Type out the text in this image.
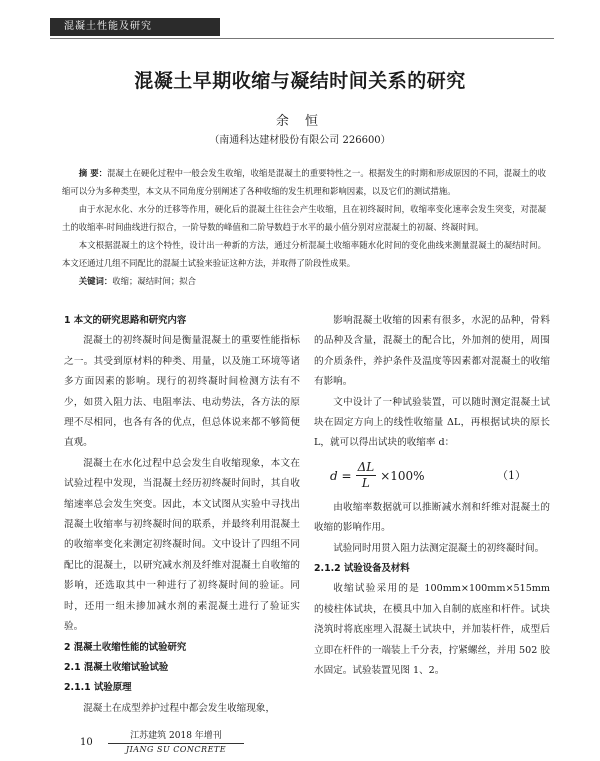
混凝土性能及研究
混凝土早期收缩与凝结时间关系的研究
余 恒
（南通科达建材股份有限公司 226600）

摘 要：混凝土在硬化过程中一般会发生收缩，收缩是混凝土的重要特性之一。根据发生的时期和形成原因的不同，混凝土的收缩可以分为多种类型，本文从不同角度分别阐述了各种收缩的发生机理和影响因素，以及它们的测试措施。

由于水泥水化、水分的迁移等作用，硬化后的混凝土往往会产生收缩，且在初终凝时间，收缩率变化速率会发生突变，对混凝土的收缩率-时间曲线进行拟合，一阶导数的峰值和二阶导数趋于水平的最小值分别对应混凝土的初凝、终凝时间。

本文根据混凝土的这个特性，设计出一种新的方法，通过分析混凝土收缩率随水化时间的变化曲线来测量混凝土的凝结时间。本文还通过几组不同配比的混凝土试验来验证这种方法，并取得了阶段性成果。

关键词：收缩；凝结时间；拟合

1 本文的研究思路和研究内容

混凝土的初终凝时间是衡量混凝土的重要性能指标之一。其受到原材料的种类、用量，以及施工环境等诸多方面因素的影响。现行的初终凝时间检测方法有不少，如贯入阻力法、电阻率法、电动势法，各方法的原理不尽相同，也各有各的优点，但总体说来都不够简便直观。

混凝土在水化过程中总会发生自收缩现象，本文在试验过程中发现，当混凝土经历初终凝时间时，其自收缩速率总会发生突变。因此，本文试图从实验中寻找出混凝土收缩率与初终凝时间的联系，并最终利用混凝土的收缩率变化来测定初终凝时间。文中设计了四组不同配比的混凝土，以研究减水剂及纤维对混凝土自收缩的影响，还选取其中一种进行了初终凝时间的验证。同时，还用一组未掺加减水剂的素混凝土进行了验证实验。

2 混凝土收缩性能的试验研究

2.1 混凝土收缩试验试验

2.1.1 试验原理

混凝土在成型养护过程中都会发生收缩现象，

影响混凝土收缩的因素有很多，水泥的品种，骨料的品种及含量，混凝土的配合比，外加剂的使用，周围的介质条件，养护条件及温度等因素都对混凝土的收缩有影响。

文中设计了一种试验装置，可以随时测定混凝土试块在固定方向上的线性收缩量 ΔL，再根据试块的原长 L，就可以得出试块的收缩率 d：

$d = \frac{\Delta L}{L} \times 100\%$	（1）

由收缩率数据就可以推断减水剂和纤维对混凝土的收缩的影响作用。

试验同时用贯入阻力法测定混凝土的初终凝时间。

2.1.2 试验设备及材料

收缩试验采用的是 100mm×100mm×515mm 的棱柱体试块，在模具中加入自制的底座和杆件。试块浇筑时将底座埋入混凝土试块中，并加装杆件，成型后立即在杆件的一端装上千分表，拧紧螺丝，并用 502 胶水固定。试验装置见图 1、2。

10
江苏建筑 2018 年增刊
JIANG SU CONCRETE
